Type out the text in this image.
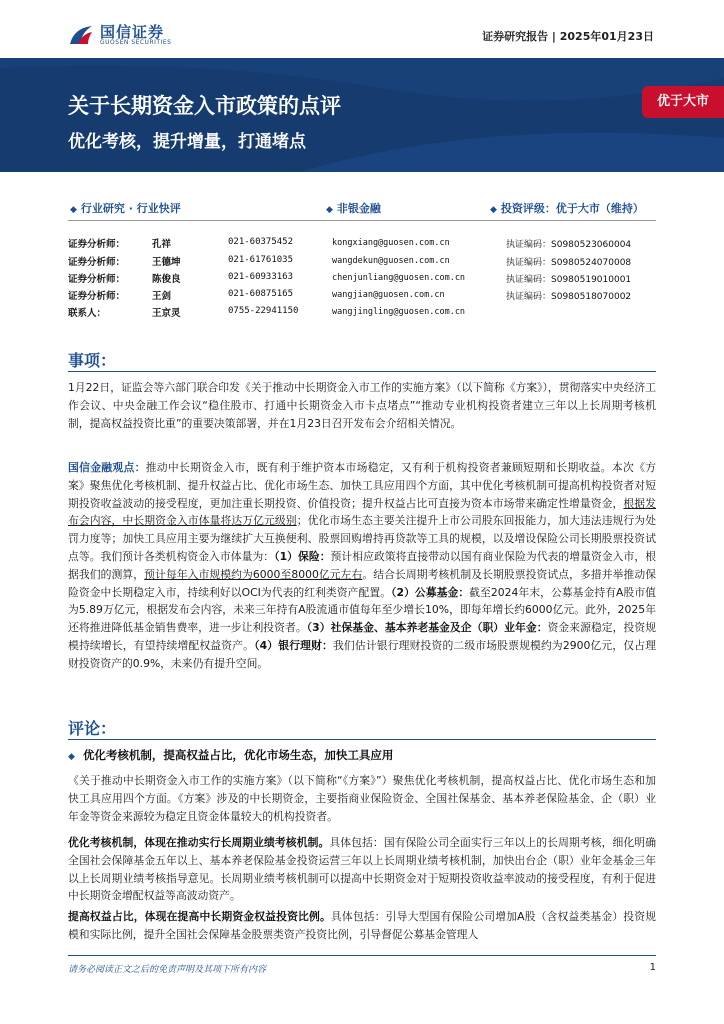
国信证券
GUOSEN SECURITIES	证券研究报告 | 2025年01月23日
关于长期资金入市政策的点评
优化考核，提升增量，打通堵点
优于大市
◆ 行业研究 · 行业快评	◆ 非银金融	◆ 投资评级：优于大市（维持）
证券分析师：	孔祥	021-60375452	kongxiang@guosen.com.cn	执证编码：S0980523060004
证券分析师：	王德坤	021-61761035	wangdekun@guosen.com.cn	执证编码：S0980524070008
证券分析师：	陈俊良	021-60933163	chenjunliang@guosen.com.cn	执证编码：S0980519010001
证券分析师：	王剑	021-60875165	wangjian@guosen.com.cn	执证编码：S0980518070002
联系人：	王京灵	0755-22941150	wangjingling@guosen.com.cn
事项：
1月22日，证监会等六部门联合印发《关于推动中长期资金入市工作的实施方案》（以下简称《方案》），贯彻落实中央经济工作会议、中央金融工作会议“稳住股市、打通中长期资金入市卡点堵点”“推动专业机构投资者建立三年以上长周期考核机制，提高权益投资比重”的重要决策部署，并在1月23日召开发布会介绍相关情况。
国信金融观点：推动中长期资金入市，既有利于维护资本市场稳定，又有利于机构投资者兼顾短期和长期收益。本次《方案》聚焦优化考核机制、提升权益占比、优化市场生态、加快工具应用四个方面，其中优化考核机制可提高机构投资者对短期投资收益波动的接受程度，更加注重长期投资、价值投资；提升权益占比可直接为资本市场带来确定性增量资金，根据发布会内容，中长期资金入市体量将达万亿元级别；优化市场生态主要关注提升上市公司股东回报能力，加大违法违规行为处罚力度等；加快工具应用主要为继续扩大互换便利、股票回购增持再贷款等工具的规模，以及增设保险公司长期股票投资试点等。我们预计各类机构资金入市体量为：（1）保险：预计相应政策将直接带动以国有商业保险为代表的增量资金入市，根据我们的测算，预计每年入市规模约为6000至8000亿元左右。结合长周期考核机制及长期股票投资试点，多措并举推动保险资金中长期稳定入市，持续利好以OCI为代表的红利类资产配置。（2）公募基金：截至2024年末，公募基金持有A股市值为5.89万亿元，根据发布会内容，未来三年持有A股流通市值每年至少增长10%，即每年增长约6000亿元。此外，2025年还将推进降低基金销售费率，进一步让利投资者。（3）社保基金、基本养老基金及企（职）业年金：资金来源稳定，投资规模持续增长，有望持续增配权益资产。（4）银行理财：我们估计银行理财投资的二级市场股票规模约为2900亿元，仅占理财投资资产的0.9%，未来仍有提升空间。
评论：
◆ 优化考核机制，提高权益占比，优化市场生态，加快工具应用
《关于推动中长期资金入市工作的实施方案》（以下简称“《方案》”）聚焦优化考核机制，提高权益占比、优化市场生态和加快工具应用四个方面。《方案》涉及的中长期资金，主要指商业保险资金、全国社保基金、基本养老保险基金、企（职）业年金等资金来源较为稳定且资金体量较大的机构投资者。
优化考核机制，体现在推动实行长周期业绩考核机制。具体包括：国有保险公司全面实行三年以上的长周期考核，细化明确全国社会保障基金五年以上、基本养老保险基金投资运营三年以上长周期业绩考核机制，加快出台企（职）业年金基金三年以上长周期业绩考核指导意见。长周期业绩考核机制可以提高中长期资金对于短期投资收益率波动的接受程度，有利于促进中长期资金增配权益等高波动资产。
提高权益占比，体现在提高中长期资金权益投资比例。具体包括：引导大型国有保险公司增加A股（含权益类基金）投资规模和实际比例，提升全国社会保障基金股票类资产投资比例，引导督促公募基金管理人
请务必阅读正文之后的免责声明及其项下所有内容	1
